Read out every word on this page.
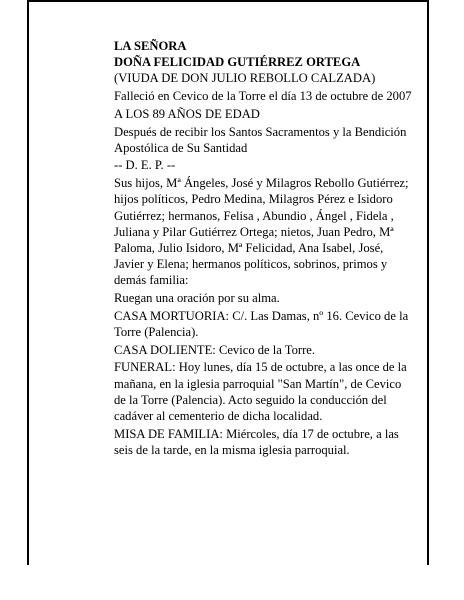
LA SEÑORA
DOÑA FELICIDAD GUTIÉRREZ ORTEGA
(VIUDA DE DON JULIO REBOLLO CALZADA)
Falleció en Cevico de la Torre el día 13 de octubre de 2007
A LOS 89 AÑOS DE EDAD
Después de recibir los Santos Sacramentos y la Bendición Apostólica de Su Santidad
-- D. E. P. --
Sus hijos, Mª Ángeles, José y Milagros Rebollo Gutiérrez; hijos políticos, Pedro Medina, Milagros Pérez e Isidoro Gutiérrez; hermanos, Felisa , Abundio , Ángel , Fidela , Juliana y Pilar Gutiérrez Ortega; nietos, Juan Pedro, Mª Paloma, Julio Isidoro, Mª Felicidad, Ana Isabel, José, Javier y Elena; hermanos políticos, sobrinos, primos y demás familia:
Ruegan una oración por su alma.
CASA MORTUORIA: C/. Las Damas, nº 16. Cevico de la Torre (Palencia).
CASA DOLIENTE: Cevico de la Torre.
FUNERAL: Hoy lunes, día 15 de octubre, a las once de la mañana, en la iglesia parroquial "San Martín", de Cevico de la Torre (Palencia). Acto seguido la conducción del cadáver al cementerio de dicha localidad.
MISA DE FAMILIA: Miércoles, día 17 de octubre, a las seis de la tarde, en la misma iglesia parroquial.
